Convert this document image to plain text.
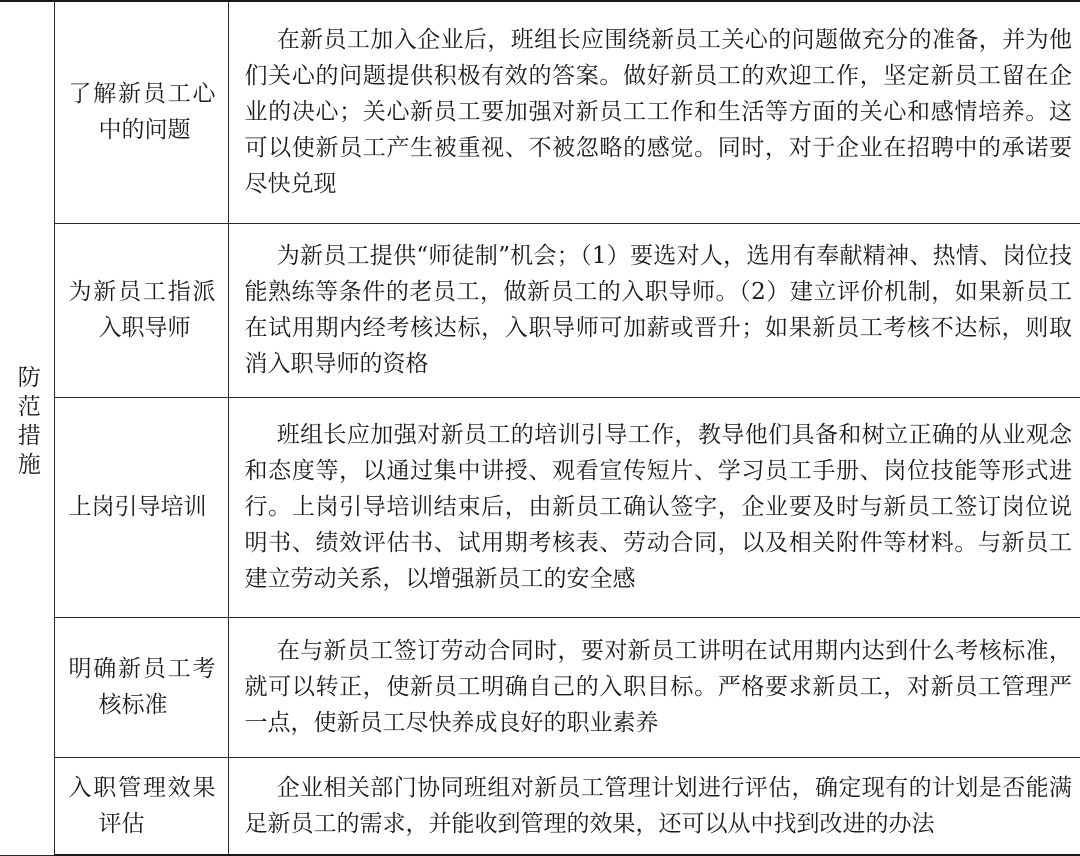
防范措施	了解新员工心中的问题	在新员工加入企业后，班组长应围绕新员工关心的问题做充分的准备，并为他们关心的问题提供积极有效的答案。做好新员工的欢迎工作，坚定新员工留在企业的决心；关心新员工要加强对新员工工作和生活等方面的关心和感情培养。这可以使新员工产生被重视、不被忽略的感觉。同时，对于企业在招聘中的承诺要尽快兑现

	为新员工指派入职导师	为新员工提供“师徒制”机会；（1）要选对人，选用有奉献精神、热情、岗位技能熟练等条件的老员工，做新员工的入职导师。（2）建立评价机制，如果新员工在试用期内经考核达标，入职导师可加薪或晋升；如果新员工考核不达标，则取消入职导师的资格

	上岗引导培训	班组长应加强对新员工的培训引导工作，教导他们具备和树立正确的从业观念和态度等，以通过集中讲授、观看宣传短片、学习员工手册、岗位技能等形式进行。上岗引导培训结束后，由新员工确认签字，企业要及时与新员工签订岗位说明书、绩效评估书、试用期考核表、劳动合同，以及相关附件等材料。与新员工建立劳动关系，以增强新员工的安全感

	明确新员工考核标准	在与新员工签订劳动合同时，要对新员工讲明在试用期内达到什么考核标准，就可以转正，使新员工明确自己的入职目标。严格要求新员工，对新员工管理严一点，使新员工尽快养成良好的职业素养

	入职管理效果评估	企业相关部门协同班组对新员工管理计划进行评估，确定现有的计划是否能满足新员工的需求，并能收到管理的效果，还可以从中找到改进的办法
